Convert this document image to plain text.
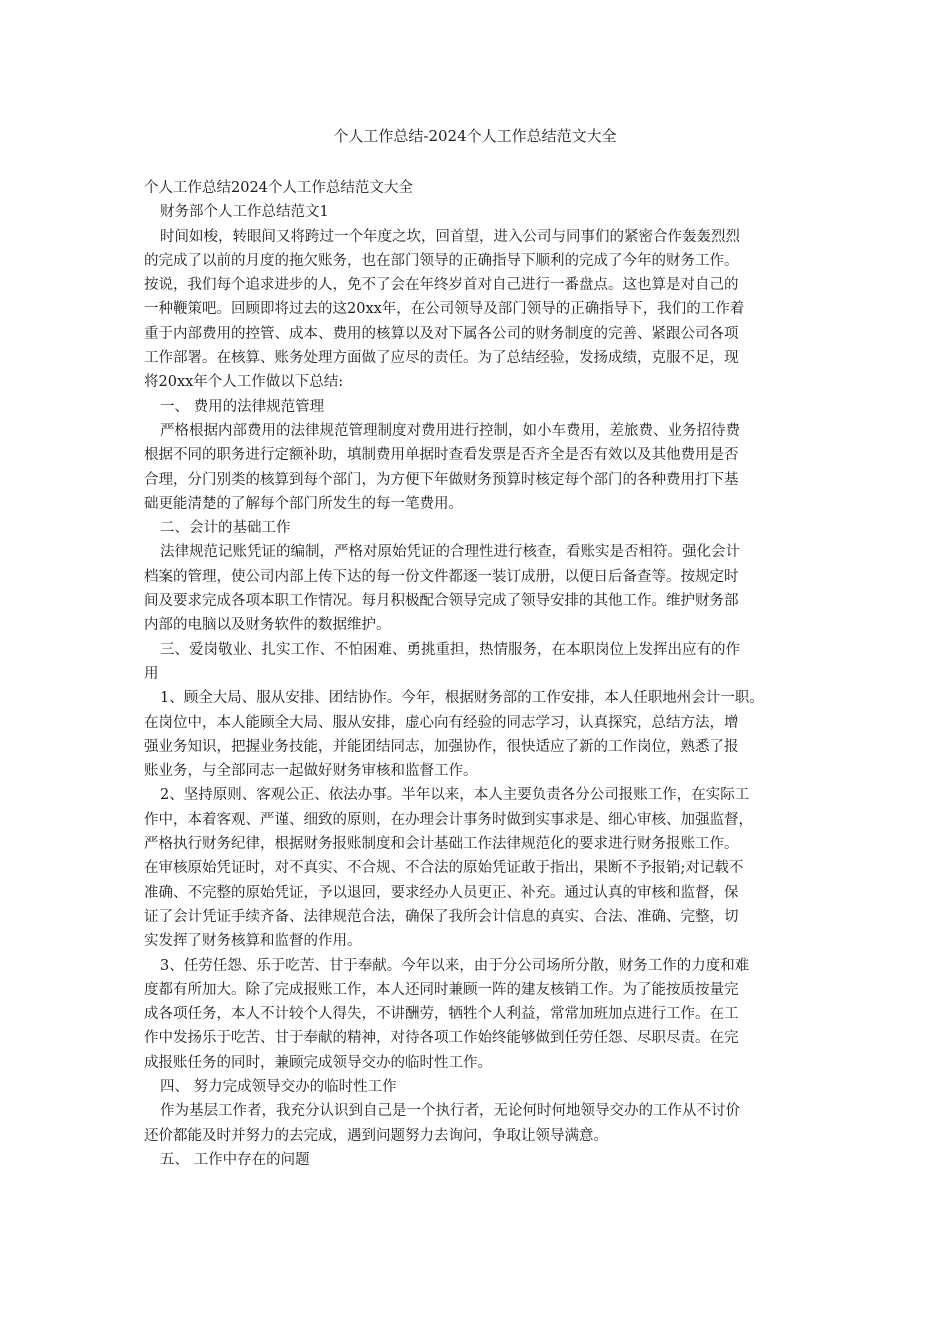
个人工作总结-2024个人工作总结范文大全
个人工作总结2024个人工作总结范文大全
财务部个人工作总结范文1
时间如梭，转眼间又将跨过一个年度之坎，回首望，进入公司与同事们的紧密合作轰轰烈烈
的完成了以前的月度的拖欠账务，也在部门领导的正确指导下顺利的完成了今年的财务工作。
按说，我们每个追求进步的人，免不了会在年终岁首对自己进行一番盘点。这也算是对自己的
一种鞭策吧。回顾即将过去的这20xx年，在公司领导及部门领导的正确指导下，我们的工作着
重于内部费用的控管、成本、费用的核算以及对下属各公司的财务制度的完善、紧跟公司各项
工作部署。在核算、账务处理方面做了应尽的责任。为了总结经验，发扬成绩，克服不足，现
将20xx年个人工作做以下总结:
一、 费用的法律规范管理
严格根据内部费用的法律规范管理制度对费用进行控制，如小车费用，差旅费、业务招待费
根据不同的职务进行定额补助，填制费用单据时查看发票是否齐全是否有效以及其他费用是否
合理，分门别类的核算到每个部门，为方便下年做财务预算时核定每个部门的各种费用打下基
础更能清楚的了解每个部门所发生的每一笔费用。
二、会计的基础工作
法律规范记账凭证的编制，严格对原始凭证的合理性进行核查，看账实是否相符。强化会计
档案的管理，使公司内部上传下达的每一份文件都逐一装订成册，以便日后备查等。按规定时
间及要求完成各项本职工作情况。每月积极配合领导完成了领导安排的其他工作。维护财务部
内部的电脑以及财务软件的数据维护。
三、爱岗敬业、扎实工作、不怕困难、勇挑重担，热情服务，在本职岗位上发挥出应有的作
用
1、顾全大局、服从安排、团结协作。今年，根据财务部的工作安排，本人任职地州会计一职。
在岗位中，本人能顾全大局、服从安排，虚心向有经验的同志学习，认真探究，总结方法，增
强业务知识，把握业务技能，并能团结同志，加强协作，很快适应了新的工作岗位，熟悉了报
账业务，与全部同志一起做好财务审核和监督工作。
2、坚持原则、客观公正、依法办事。半年以来，本人主要负责各分公司报账工作，在实际工
作中，本着客观、严谨、细致的原则，在办理会计事务时做到实事求是、细心审核、加强监督，
严格执行财务纪律，根据财务报账制度和会计基础工作法律规范化的要求进行财务报账工作。
在审核原始凭证时，对不真实、不合规、不合法的原始凭证敢于指出，果断不予报销;对记载不
准确、不完整的原始凭证，予以退回，要求经办人员更正、补充。通过认真的审核和监督，保
证了会计凭证手续齐备、法律规范合法，确保了我所会计信息的真实、合法、准确、完整，切
实发挥了财务核算和监督的作用。
3、任劳任怨、乐于吃苦、甘于奉献。今年以来，由于分公司场所分散，财务工作的力度和难
度都有所加大。除了完成报账工作，本人还同时兼顾一阵的建友核销工作。为了能按质按量完
成各项任务，本人不计较个人得失，不讲酬劳，牺牲个人利益，常常加班加点进行工作。在工
作中发扬乐于吃苦、甘于奉献的精神，对待各项工作始终能够做到任劳任怨、尽职尽责。在完
成报账任务的同时，兼顾完成领导交办的临时性工作。
四、 努力完成领导交办的临时性工作
作为基层工作者，我充分认识到自己是一个执行者，无论何时何地领导交办的工作从不讨价
还价都能及时并努力的去完成，遇到问题努力去询问，争取让领导满意。
五、 工作中存在的问题
